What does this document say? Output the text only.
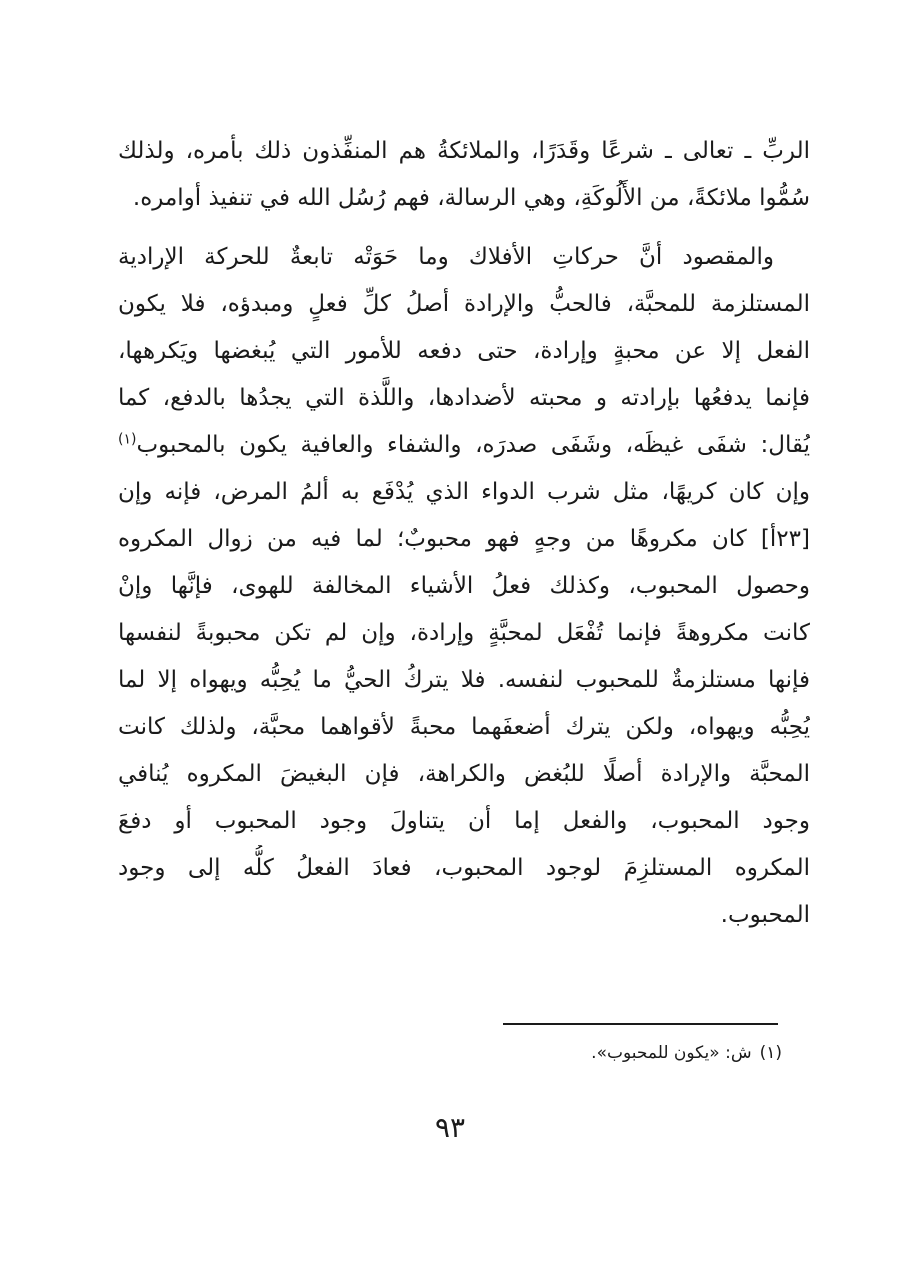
الربِّ ـ تعالى ـ شرعًا وقَدَرًا، والملائكةُ هم المنفِّذون ذلك بأمره، ولذلك
سُمُّوا ملائكةً، من الأَلُوكَةِ، وهي الرسالة، فهم رُسُل الله في تنفيذ أوامره.

والمقصود أنَّ حركاتِ الأفلاك وما حَوَتْه تابعةٌ للحركة الإرادية
المستلزمة للمحبَّة، فالحبُّ والإرادة أصلُ كلِّ فعلٍ ومبدؤه، فلا يكون
الفعل إلا عن محبةٍ وإرادة، حتى دفعه للأمور التي يُبغضها ويَكرهها،
فإنما يدفعُها بإرادته و محبته لأضدادها، واللَّذة التي يجدُها بالدفع، كما
يُقال: شفَى غيظَه، وشَفَى صدرَه، والشفاء والعافية يكون بالمحبوب$^{(١)}$
وإن كان كريهًا، مثل شرب الدواء الذي يُدْفَع به ألمُ المرض، فإنه وإن
[٢٣أ] كان مكروهًا من وجهٍ فهو محبوبٌ؛ لما فيه من زوال المكروه
وحصول المحبوب، وكذلك فعلُ الأشياء المخالفة للهوى، فإنَّها وإنْ
كانت مكروهةً فإنما تُفْعَل لمحبَّةٍ وإرادة، وإن لم تكن محبوبةً لنفسها
فإنها مستلزمةٌ للمحبوب لنفسه. فلا يتركُ الحيُّ ما يُحِبُّه ويهواه إلا لما
يُحِبُّه ويهواه، ولكن يترك أضعفَهما محبةً لأقواهما محبَّة، ولذلك كانت
المحبَّة والإرادة أصلًا للبُغض والكراهة، فإن البغيضَ المكروه يُنافي
وجود المحبوب، والفعل إما أن يتناولَ وجود المحبوب أو دفعَ
المكروه المستلزِمَ لوجود المحبوب، فعادَ الفعلُ كلُّه إلى وجود
المحبوب.

(١)ش: «يكون للمحبوب».
٩٣
